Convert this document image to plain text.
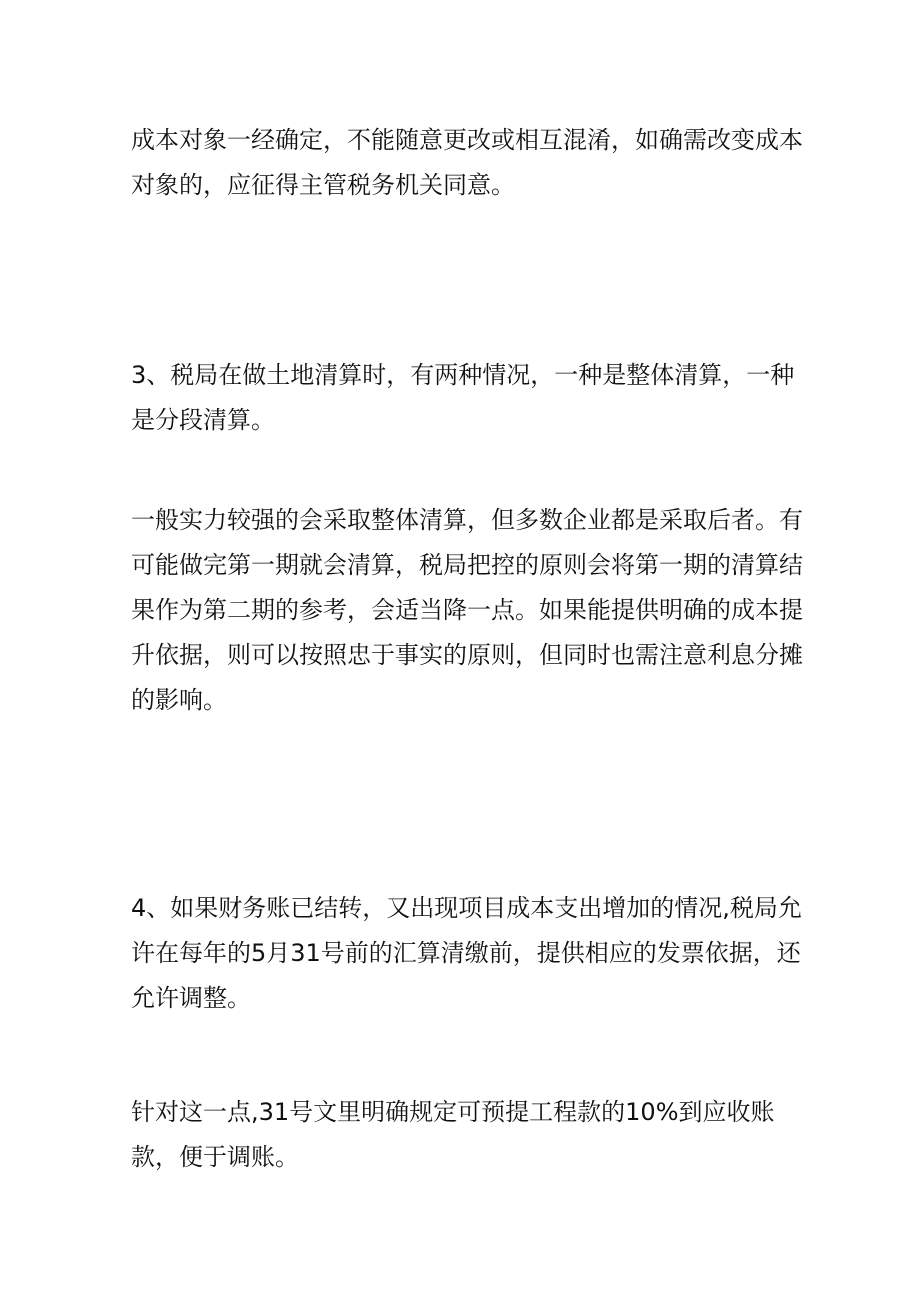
成本对象一经确定，不能随意更改或相互混淆，如确需改变成本对象的，应征得主管税务机关同意。

3、税局在做土地清算时，有两种情况，一种是整体清算，一种是分段清算。

一般实力较强的会采取整体清算，但多数企业都是采取后者。有可能做完第一期就会清算，税局把控的原则会将第一期的清算结果作为第二期的参考，会适当降一点。如果能提供明确的成本提升依据，则可以按照忠于事实的原则，但同时也需注意利息分摊的影响。

4、如果财务账已结转，又出现项目成本支出增加的情况,税局允许在每年的5月31号前的汇算清缴前，提供相应的发票依据，还允许调整。

针对这一点,31号文里明确规定可预提工程款的10%到应收账款，便于调账。
